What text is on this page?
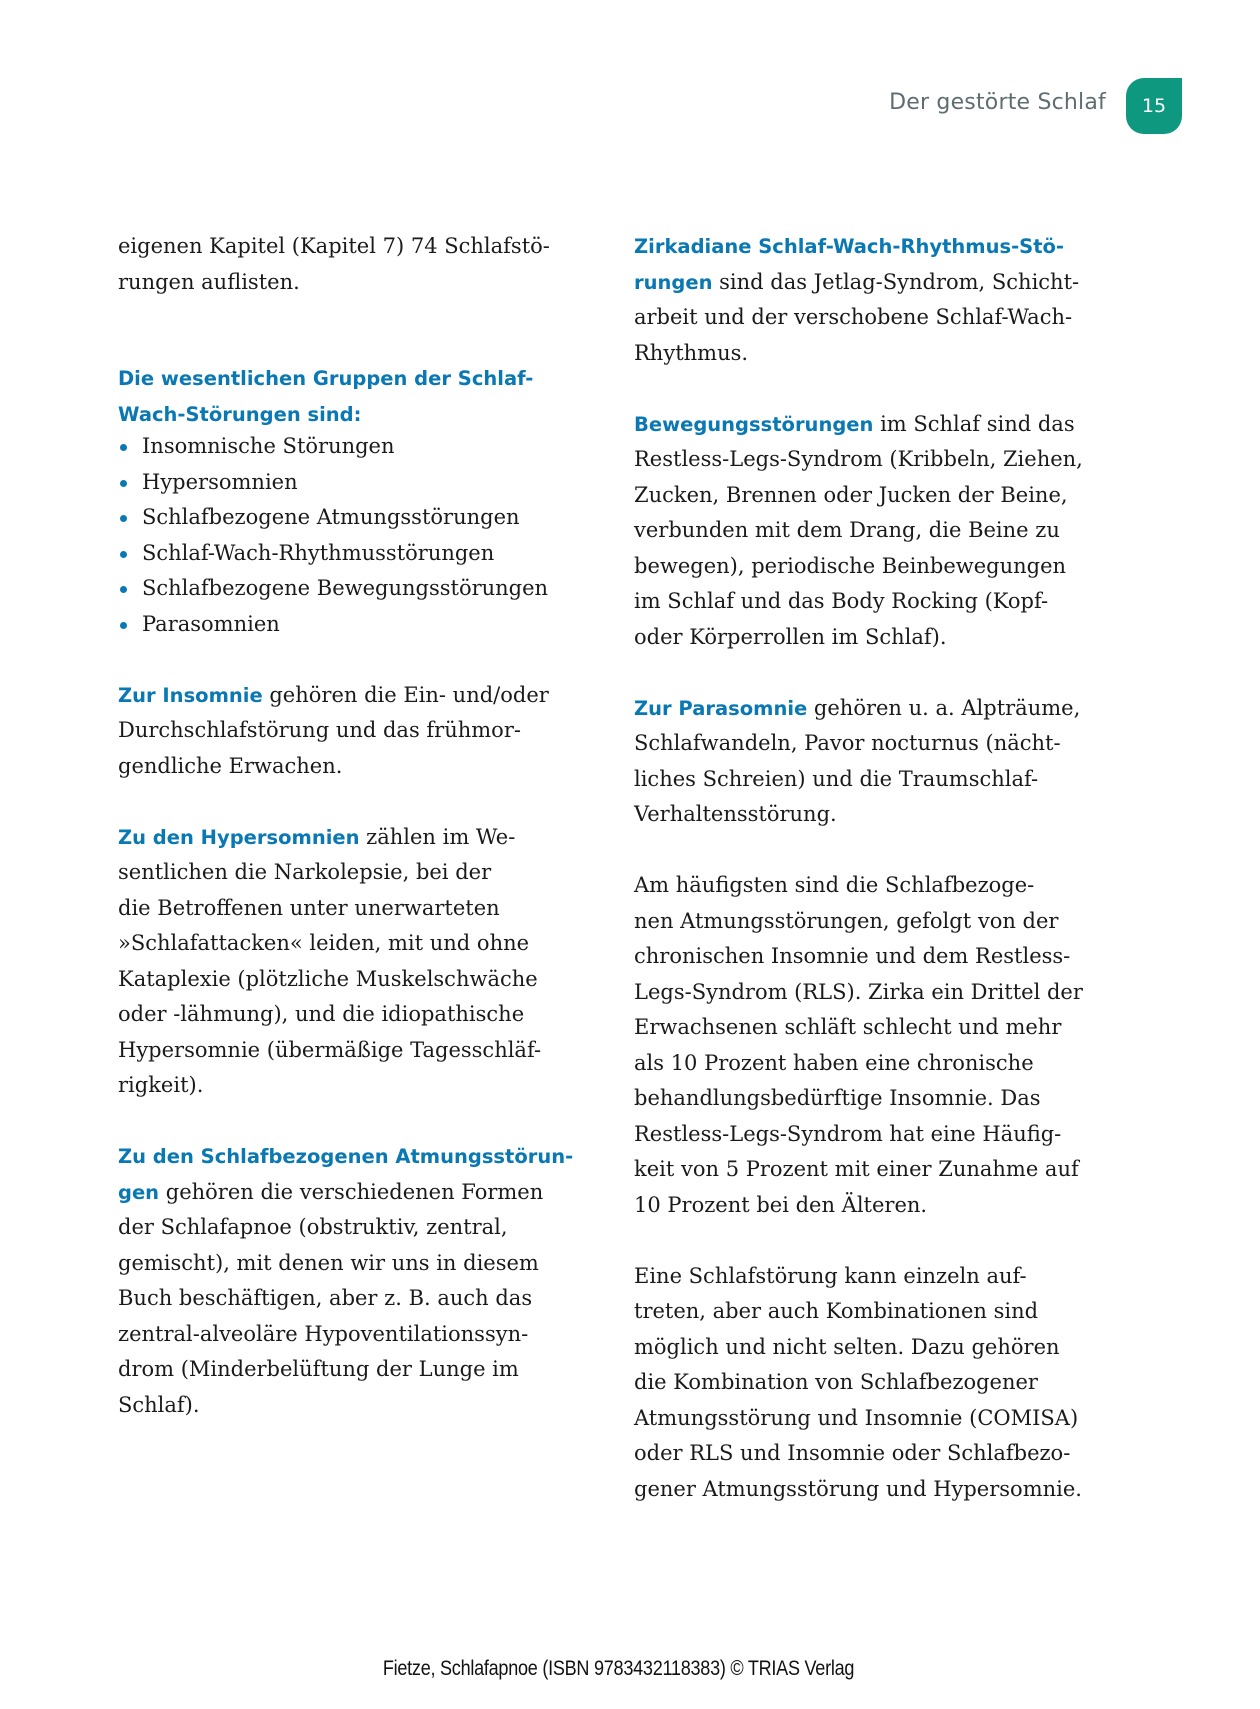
Der gestörte Schlaf 15

eigenen Kapitel (Kapitel 7) 74 Schlafstö-
rungen auflisten.

Die wesentlichen Gruppen der Schlaf-
Wach-Störungen sind:

Insomnische Störungen
Hypersomnien
Schlafbezogene Atmungsstörungen
Schlaf-Wach-Rhythmusstörungen
Schlafbezogene Bewegungsstörungen
Parasomnien

Zur Insomnie gehören die Ein- und/oder
Durchschlafstörung und das frühmor-
gendliche Erwachen.

Zu den Hypersomnien zählen im We-
sentlichen die Narkolepsie, bei der
die Betroffenen unter unerwarteten
»Schlafattacken« leiden, mit und ohne
Kataplexie (plötzliche Muskelschwäche
oder -lähmung), und die idiopathische
Hypersomnie (übermäßige Tagesschläf-
rigkeit).

Zu den Schlafbezogenen Atmungsstörun-
gen gehören die verschiedenen Formen
der Schlafapnoe (obstruktiv, zentral,
gemischt), mit denen wir uns in diesem
Buch beschäftigen, aber z. B. auch das
zentral-alveoläre Hypoventilationssyn-
drom (Minderbelüftung der Lunge im
Schlaf).

Zirkadiane Schlaf-Wach-Rhythmus-Stö-
rungen sind das Jetlag-Syndrom, Schicht-
arbeit und der verschobene Schlaf-Wach-
Rhythmus.

Bewegungsstörungen im Schlaf sind das
Restless-Legs-Syndrom (Kribbeln, Ziehen,
Zucken, Brennen oder Jucken der Beine,
verbunden mit dem Drang, die Beine zu
bewegen), periodische Beinbewegungen
im Schlaf und das Body Rocking (Kopf-
oder Körperrollen im Schlaf).

Zur Parasomnie gehören u. a. Alpträume,
Schlafwandeln, Pavor nocturnus (nächt-
liches Schreien) und die Traumschlaf-
Verhaltensstörung.

Am häufigsten sind die Schlafbezoge-
nen Atmungsstörungen, gefolgt von der
chronischen Insomnie und dem Restless-
Legs-Syndrom (RLS). Zirka ein Drittel der
Erwachsenen schläft schlecht und mehr
als 10 Prozent haben eine chronische
behandlungsbedürftige Insomnie. Das
Restless-Legs-Syndrom hat eine Häufig-
keit von 5 Prozent mit einer Zunahme auf
10 Prozent bei den Älteren.

Eine Schlafstörung kann einzeln auf-
treten, aber auch Kombinationen sind
möglich und nicht selten. Dazu gehören
die Kombination von Schlafbezogener
Atmungsstörung und Insomnie (COMISA)
oder RLS und Insomnie oder Schlafbezo-
gener Atmungsstörung und Hypersomnie.

Fietze, Schlafapnoe (ISBN 9783432118383) © TRIAS Verlag
